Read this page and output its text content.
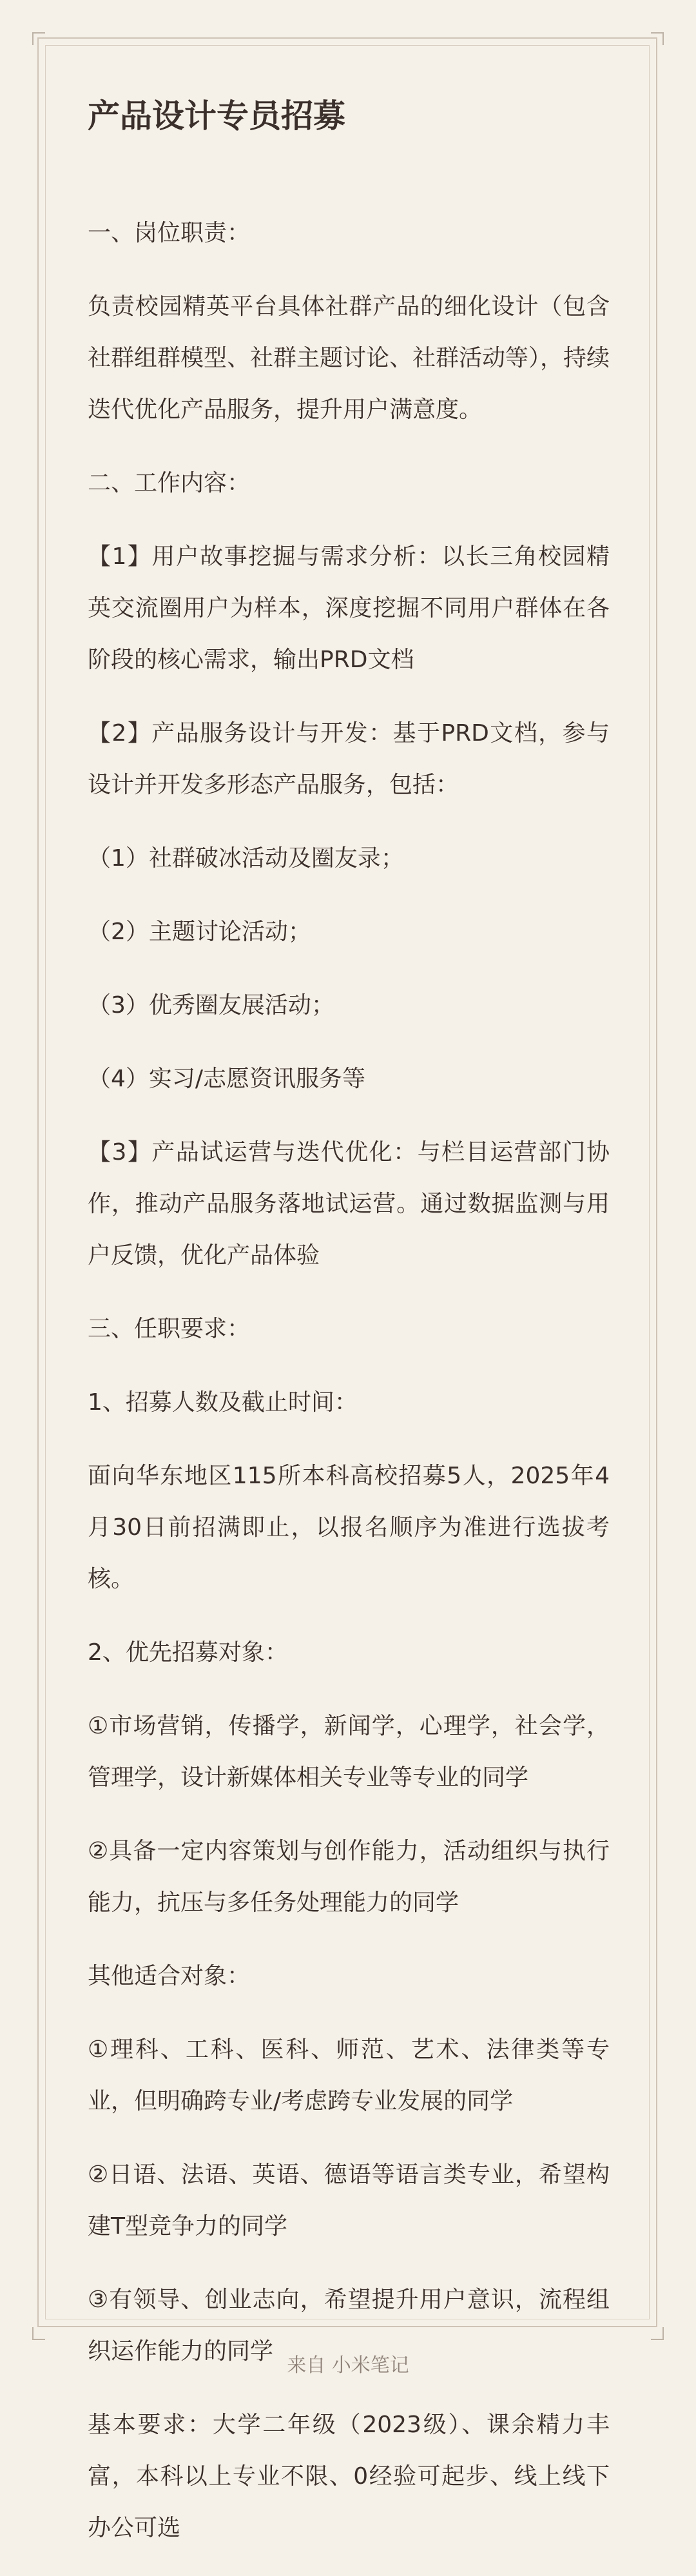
产品设计专员招募

一、岗位职责：

负责校园精英平台具体社群产品的细化设计（包含社群组群模型、社群主题讨论、社群活动等），持续迭代优化产品服务，提升用户满意度。

二、工作内容：

【1】用户故事挖掘与需求分析：以长三角校园精英交流圈用户为样本，深度挖掘不同用户群体在各阶段的核心需求，输出PRD文档

【2】产品服务设计与开发：基于PRD文档，参与设计并开发多形态产品服务，包括：

（1）社群破冰活动及圈友录；

（2）主题讨论活动；

（3）优秀圈友展活动；

（4）实习/志愿资讯服务等

【3】产品试运营与迭代优化：与栏目运营部门协作，推动产品服务落地试运营。通过数据监测与用户反馈，优化产品体验

三、任职要求：

1、招募人数及截止时间：

面向华东地区115所本科高校招募5人，2025年4月30日前招满即止，以报名顺序为准进行选拔考核。

2、优先招募对象：

①市场营销，传播学，新闻学，心理学，社会学，管理学，设计新媒体相关专业等专业的同学

②具备一定内容策划与创作能力，活动组织与执行能力，抗压与多任务处理能力的同学

其他适合对象：

①理科、工科、医科、师范、艺术、法律类等专业，但明确跨专业/考虑跨专业发展的同学

②日语、法语、英语、德语等语言类专业，希望构建T型竞争力的同学

③有领导、创业志向，希望提升用户意识，流程组织运作能力的同学

基本要求：大学二年级（2023级）、课余精力丰富，本科以上专业不限、0经验可起步、线上线下办公可选

来自 小米笔记
